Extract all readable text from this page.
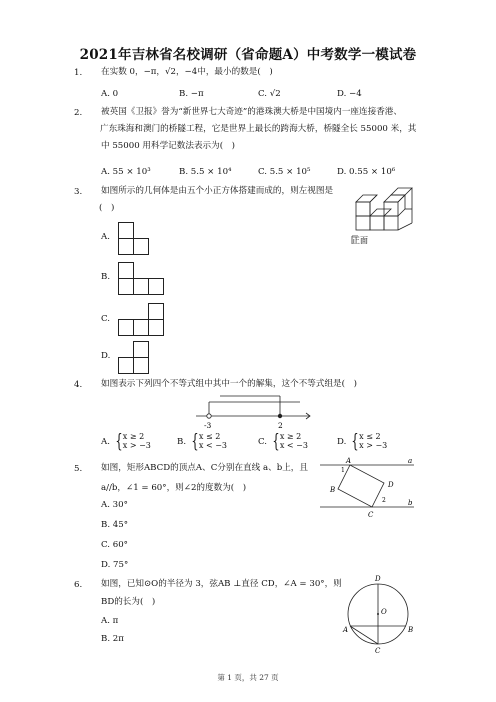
2021年吉林省名校调研（省命题A）中考数学一模试卷
1. 在实数 0，−π，√2，−4中，最小的数是(　)
A. 0	B. −π	C. √2	D. −4
2. 被英国《卫报》誉为“新世界七大奇迹”的港珠澳大桥是中国境内一座连接香港、
广东珠海和澳门的桥隧工程，它是世界上最长的跨海大桥，桥隧全长 55000 米，其
中 55000 用科学记数法表示为(　)
A. 55 × 10³	B. 5.5 × 10⁴	C. 5.5 × 10⁵	D. 0.55 × 10⁶
3. 如图所示的几何体是由五个小正方体搭建而成的，则左视图是
(　)
正面
A.
B.
C.
D.
4. 如图表示下列四个不等式组中其中一个的解集，这个不等式组是(　)
-3	2
A. {x ≥ 2
x > −3	B. {x ≤ 2
x < −3	C. {x ≥ 2
x < −3	D. {x ≤ 2
x > −3
5. 如图，矩形ABCD的顶点A、C分别在直线 a、b上，且
a//b，∠1 = 60°，则∠2的度数为(　)
A. 30°
B. 45°
C. 60°
D. 75°
A
B
C
D
1
2
a
b
6. 如图，已知⊙O的半径为 3，弦AB ⊥直径 CD，∠A = 30°，则
BD的长为(　)
A. π
B. 2π
D
O
A	B
C
第 1 页，共 27 页
